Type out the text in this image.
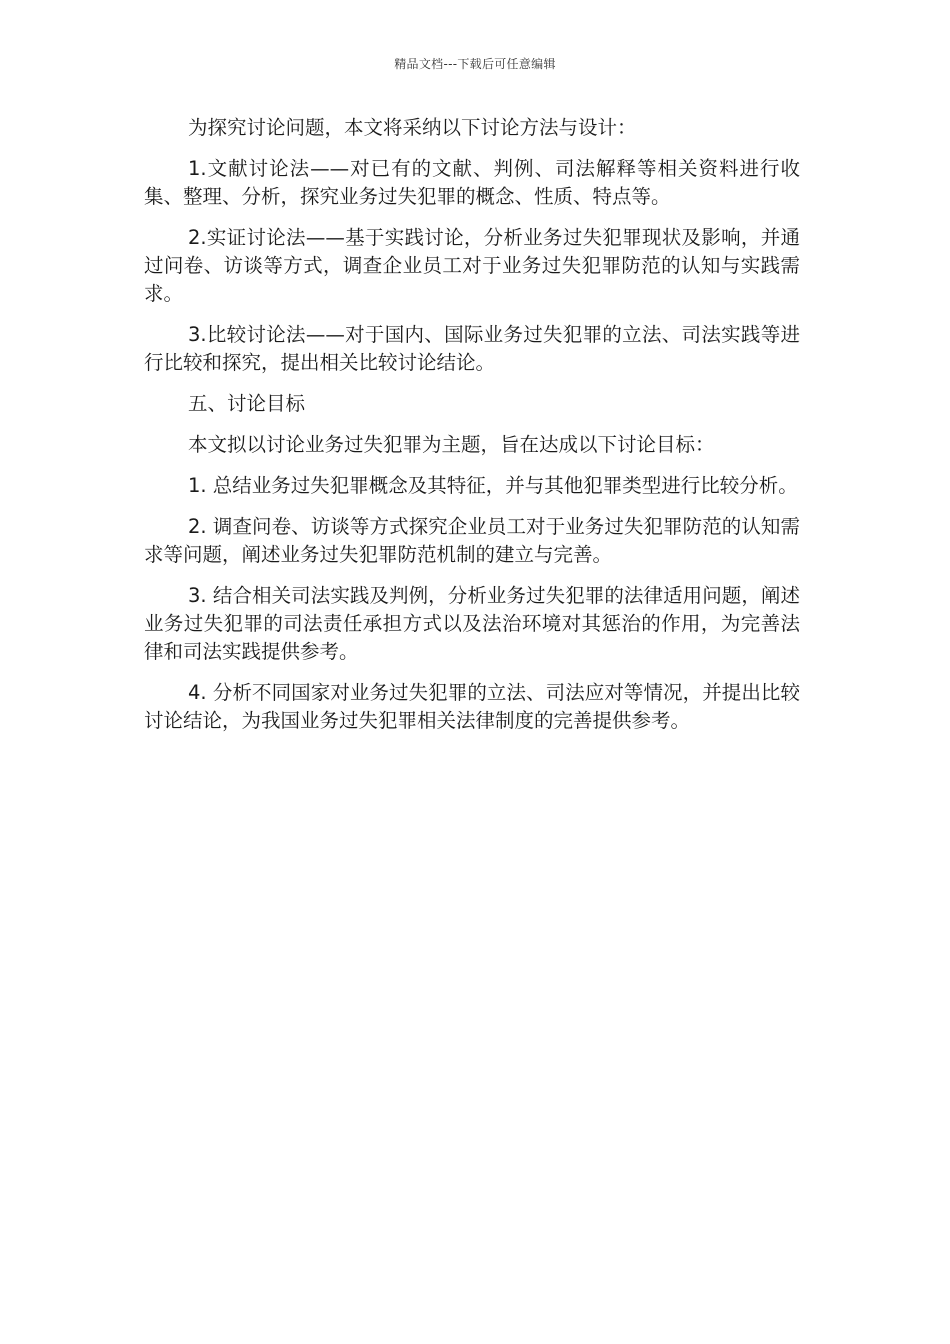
精品文档---下载后可任意编辑

为探究讨论问题，本文将采纳以下讨论方法与设计：

1.文献讨论法——对已有的文献、判例、司法解释等相关资料进行收集、整理、分析，探究业务过失犯罪的概念、性质、特点等。

2.实证讨论法——基于实践讨论，分析业务过失犯罪现状及影响，并通过问卷、访谈等方式，调查企业员工对于业务过失犯罪防范的认知与实践需求。

3.比较讨论法——对于国内、国际业务过失犯罪的立法、司法实践等进行比较和探究，提出相关比较讨论结论。

五、讨论目标

本文拟以讨论业务过失犯罪为主题，旨在达成以下讨论目标：

1. 总结业务过失犯罪概念及其特征，并与其他犯罪类型进行比较分析。

2. 调查问卷、访谈等方式探究企业员工对于业务过失犯罪防范的认知需求等问题，阐述业务过失犯罪防范机制的建立与完善。

3. 结合相关司法实践及判例，分析业务过失犯罪的法律适用问题，阐述业务过失犯罪的司法责任承担方式以及法治环境对其惩治的作用，为完善法律和司法实践提供参考。

4. 分析不同国家对业务过失犯罪的立法、司法应对等情况，并提出比较讨论结论，为我国业务过失犯罪相关法律制度的完善提供参考。
